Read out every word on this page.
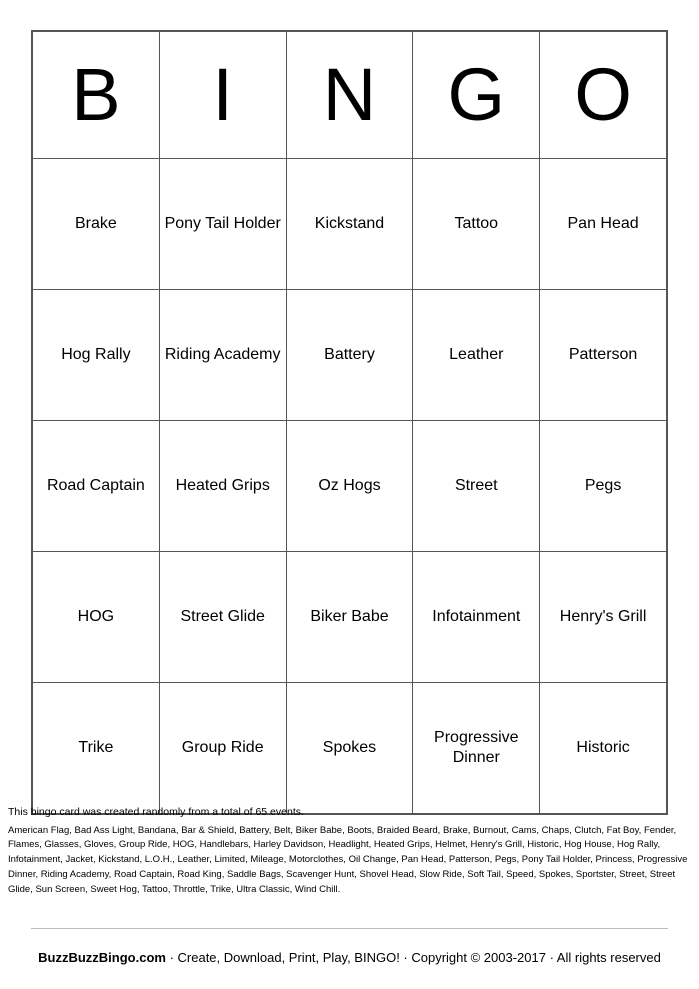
B	I	N	G	O

Brake	Pony Tail Holder	Kickstand	Tattoo	Pan Head

Hog Rally	Riding Academy	Battery	Leather	Patterson

Road Captain	Heated Grips	Oz Hogs	Street	Pegs

HOG	Street Glide	Biker Babe	Infotainment	Henry's Grill

Trike	Group Ride	Spokes	Progressive Dinner	Historic
This bingo card was created randomly from a total of 65 events.
American Flag, Bad Ass Light, Bandana, Bar & Shield, Battery, Belt, Biker Babe, Boots, Braided Beard, Brake, Burnout, Cams, Chaps, Clutch, Fat Boy, Fender, Flames, Glasses, Gloves, Group Ride, HOG, Handlebars, Harley Davidson, Headlight, Heated Grips, Helmet, Henry's Grill, Historic, Hog House, Hog Rally, Infotainment, Jacket, Kickstand, L.O.H., Leather, Limited, Mileage, Motorclothes, Oil Change, Pan Head, Patterson, Pegs, Pony Tail Holder, Princess, Progressive Dinner, Riding Academy, Road Captain, Road King, Saddle Bags, Scavenger Hunt, Shovel Head, Slow Ride, Soft Tail, Speed, Spokes, Sportster, Street, Street Glide, Sun Screen, Sweet Hog, Tattoo, Throttle, Trike, Ultra Classic, Wind Chill.
BuzzBuzzBingo.com · Create, Download, Print, Play, BINGO! · Copyright © 2003-2017 · All rights reserved
